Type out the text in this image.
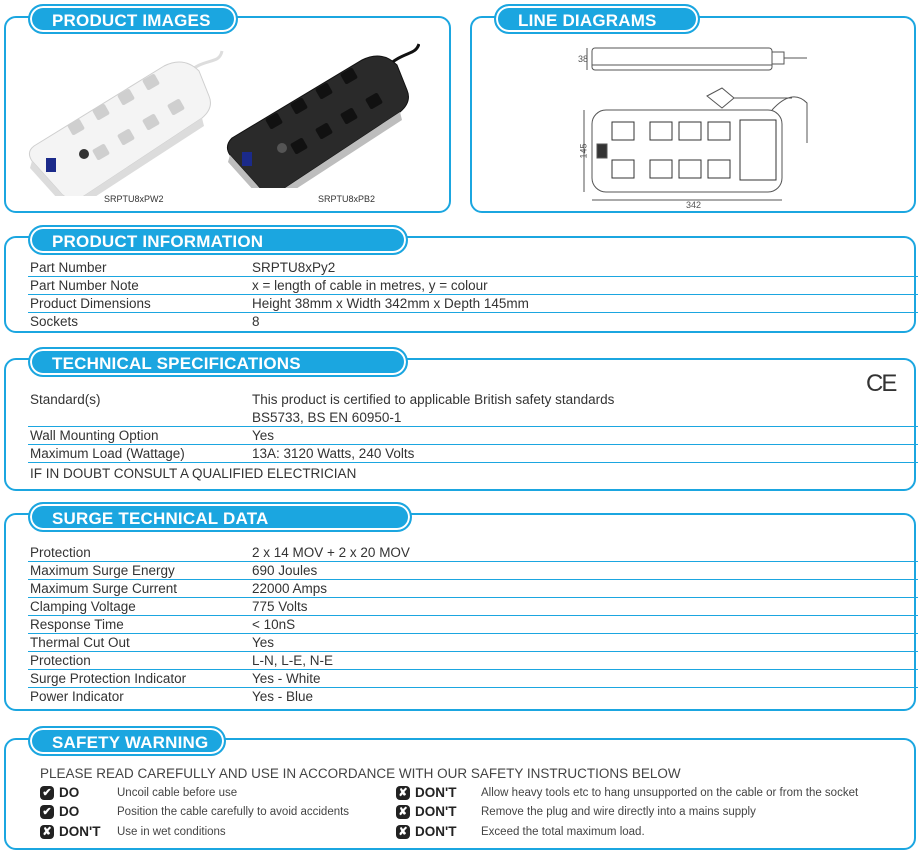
PRODUCT IMAGES
SRPTU8xPW2	SRPTU8xPB2
LINE DIAGRAMS
38
145
342
PRODUCT INFORMATION
Part Number	SRPTU8xPy2
Part Number Note	x = length of cable in metres, y = colour
Product Dimensions	Height 38mm x Width 342mm x Depth 145mm
Sockets	8
TECHNICAL SPECIFICATIONS
CE
Standard(s)	This product is certified to applicable British safety standards
	BS5733, BS EN 60950-1
Wall Mounting Option	Yes
Maximum Load (Wattage)	13A: 3120 Watts, 240 Volts
IF IN DOUBT CONSULT A QUALIFIED ELECTRICIAN
SURGE TECHNICAL DATA
Protection	2 x 14 MOV + 2 x 20 MOV
Maximum Surge Energy	690 Joules
Maximum Surge Current	22000 Amps
Clamping Voltage	775 Volts
Response Time	< 10nS
Thermal Cut Out	Yes
Protection	L-N, L-E, N-E
Surge Protection Indicator	Yes - White
Power Indicator	Yes - Blue
SAFETY WARNING
PLEASE READ CAREFULLY AND USE IN ACCORDANCE WITH OUR SAFETY INSTRUCTIONS BELOW
✔ DO	Uncoil cable before use
✔ DO	Position the cable carefully to avoid accidents
✘ DON'T	Use in wet conditions
✘ DON'T	Allow heavy tools etc to hang unsupported on the cable or from the socket
✘ DON'T	Remove the plug and wire directly into a mains supply
✘ DON'T	Exceed the total maximum load.
